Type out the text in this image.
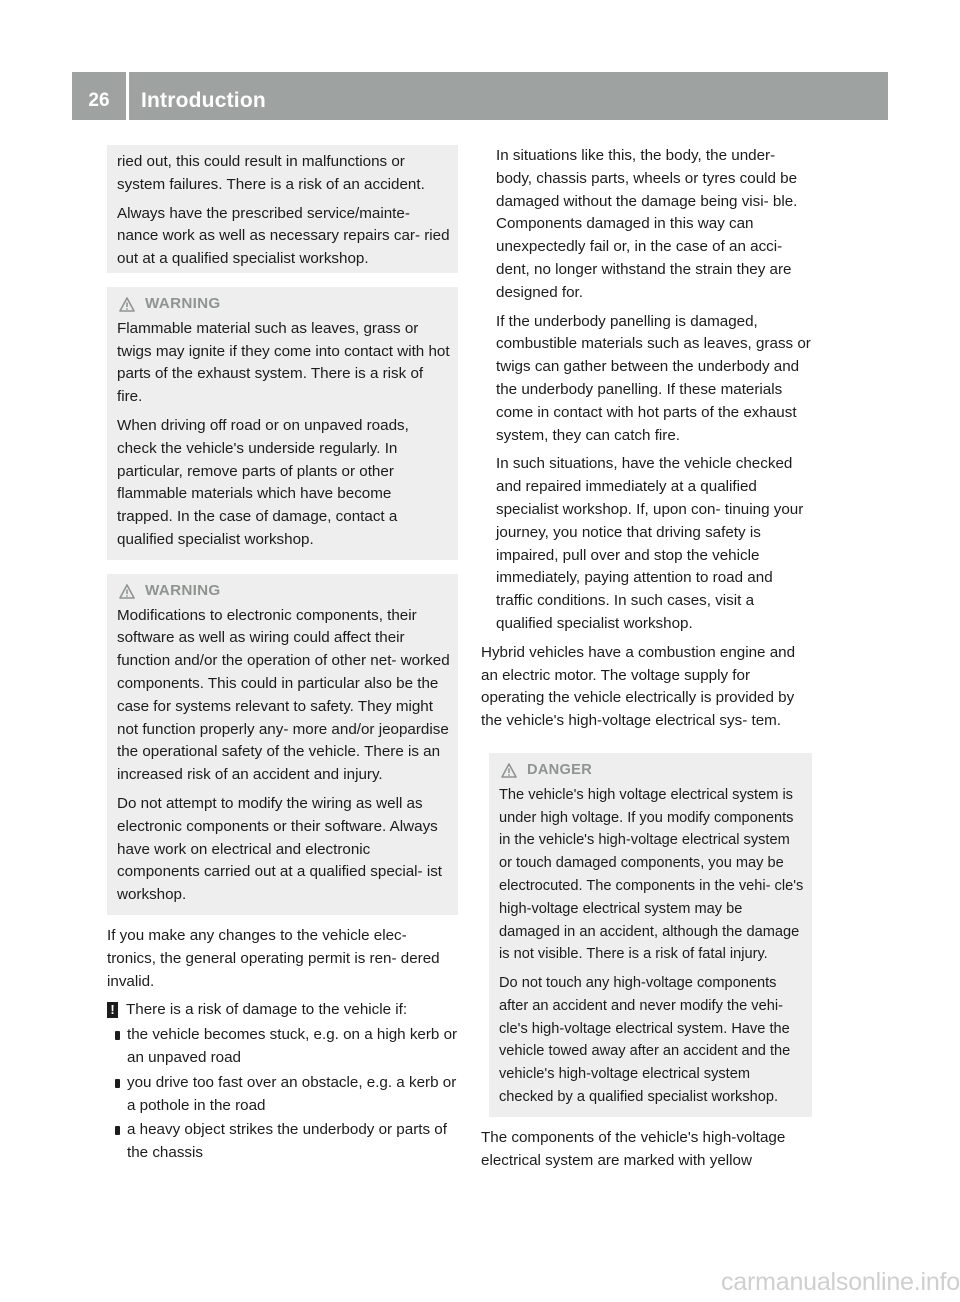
26	Introduction

ried out, this could result in malfunctions or system failures. There is a risk of an accident.

Always have the prescribed service/mainte- nance work as well as necessary repairs car- ried out at a qualified specialist workshop.

WARNING

Flammable material such as leaves, grass or twigs may ignite if they come into contact with hot parts of the exhaust system. There is a risk of fire.

When driving off road or on unpaved roads, check the vehicle's underside regularly. In particular, remove parts of plants or other flammable materials which have become trapped. In the case of damage, contact a qualified specialist workshop.

WARNING

Modifications to electronic components, their software as well as wiring could affect their function and/or the operation of other net- worked components. This could in particular also be the case for systems relevant to safety. They might not function properly any- more and/or jeopardise the operational safety of the vehicle. There is an increased risk of an accident and injury.

Do not attempt to modify the wiring as well as electronic components or their software. Always have work on electrical and electronic components carried out at a qualified special- ist workshop.

If you make any changes to the vehicle elec- tronics, the general operating permit is ren- dered invalid.

! There is a risk of damage to the vehicle if:
the vehicle becomes stuck, e.g. on a high kerb or an unpaved road
you drive too fast over an obstacle, e.g. a kerb or a pothole in the road
a heavy object strikes the underbody or parts of the chassis

In situations like this, the body, the under- body, chassis parts, wheels or tyres could be damaged without the damage being visi- ble. Components damaged in this way can unexpectedly fail or, in the case of an acci- dent, no longer withstand the strain they are designed for.

If the underbody panelling is damaged, combustible materials such as leaves, grass or twigs can gather between the underbody and the underbody panelling. If these materials come in contact with hot parts of the exhaust system, they can catch fire.

In such situations, have the vehicle checked and repaired immediately at a qualified specialist workshop. If, upon con- tinuing your journey, you notice that driving safety is impaired, pull over and stop the vehicle immediately, paying attention to road and traffic conditions. In such cases, visit a qualified specialist workshop.

Hybrid vehicles have a combustion engine and an electric motor. The voltage supply for operating the vehicle electrically is provided by the vehicle's high-voltage electrical sys- tem.

DANGER

The vehicle's high voltage electrical system is under high voltage. If you modify components in the vehicle's high-voltage electrical system or touch damaged components, you may be electrocuted. The components in the vehi- cle's high-voltage electrical system may be damaged in an accident, although the damage is not visible. There is a risk of fatal injury.

Do not touch any high-voltage components after an accident and never modify the vehi- cle's high-voltage electrical system. Have the vehicle towed away after an accident and the vehicle's high-voltage electrical system checked by a qualified specialist workshop.

The components of the vehicle's high-voltage electrical system are marked with yellow

carmanualsonline.info
